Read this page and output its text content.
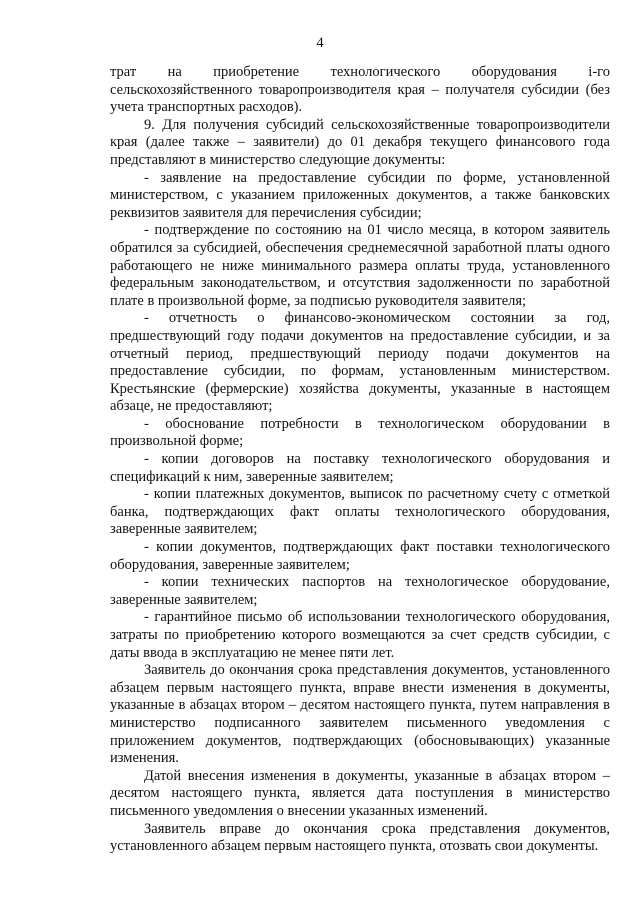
4

трат на приобретение технологического оборудования i-го сельскохозяйственного товаропроизводителя края – получателя субсидии (без учета транспортных расходов).

9. Для получения субсидий сельскохозяйственные товаропроизводители края (далее также – заявители) до 01 декабря текущего финансового года представляют в министерство следующие документы:

- заявление на предоставление субсидии по форме, установленной министерством, с указанием приложенных документов, а также банковских реквизитов заявителя для перечисления субсидии;

- подтверждение по состоянию на 01 число месяца, в котором заявитель обратился за субсидией, обеспечения среднемесячной заработной платы одного работающего не ниже минимального размера оплаты труда, установленного федеральным законодательством, и отсутствия задолженности по заработной плате в произвольной форме, за подписью руководителя заявителя;

- отчетность о финансово-экономическом состоянии за год, предшествующий году подачи документов на предоставление субсидии, и за отчетный период, предшествующий периоду подачи документов на предоставление субсидии, по формам, установленным министерством. Крестьянские (фермерские) хозяйства документы, указанные в настоящем абзаце, не предоставляют;

- обоснование потребности в технологическом оборудовании в произвольной форме;

- копии договоров на поставку технологического оборудования и спецификаций к ним, заверенные заявителем;

- копии платежных документов, выписок по расчетному счету с отметкой банка, подтверждающих факт оплаты технологического оборудования, заверенные заявителем;

- копии документов, подтверждающих факт поставки технологического оборудования, заверенные заявителем;

- копии технических паспортов на технологическое оборудование, заверенные заявителем;

- гарантийное письмо об использовании технологического оборудования, затраты по приобретению которого возмещаются за счет средств субсидии, с даты ввода в эксплуатацию не менее пяти лет.

Заявитель до окончания срока представления документов, установленного абзацем первым настоящего пункта, вправе внести изменения в документы, указанные в абзацах втором – десятом настоящего пункта, путем направления в министерство подписанного заявителем письменного уведомления с приложением документов, подтверждающих (обосновывающих) указанные изменения.

Датой внесения изменения в документы, указанные в абзацах втором – десятом настоящего пункта, является дата поступления в министерство письменного уведомления о внесении указанных изменений.

Заявитель вправе до окончания срока представления документов, установленного абзацем первым настоящего пункта, отозвать свои документы.
